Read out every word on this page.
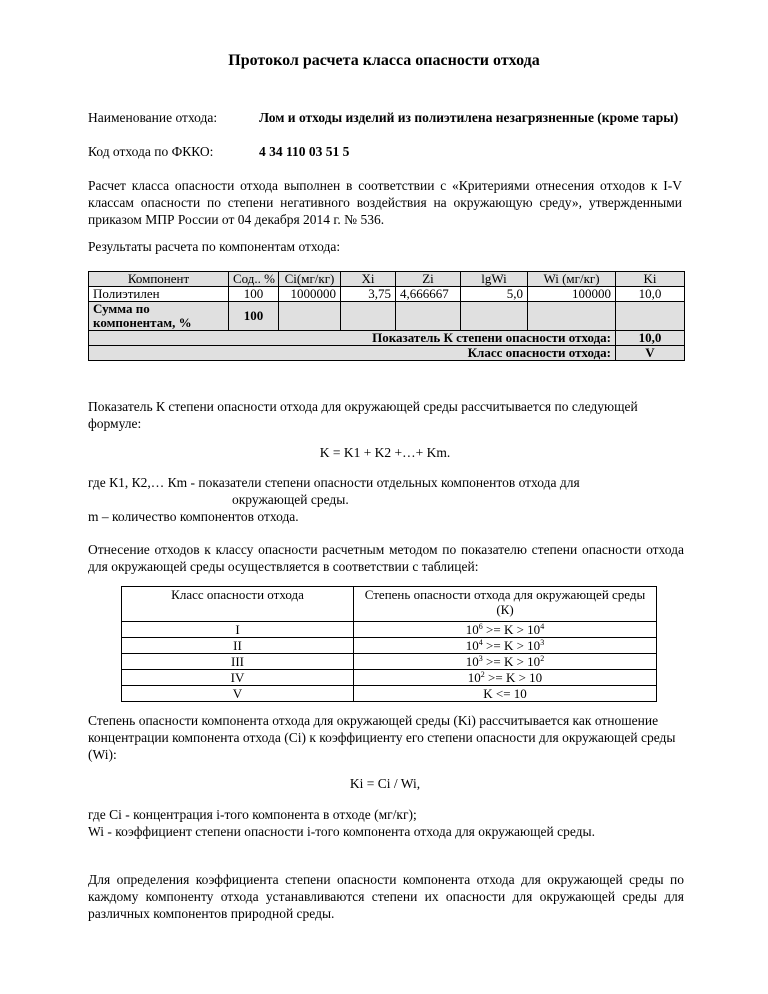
Протокол расчета класса опасности отхода
Наименование отхода:	Лом и отходы изделий из полиэтилена незагрязненные (кроме тары)
Код отхода по ФККО:	4 34 110 03 51 5
Расчет класса опасности отхода выполнен в соответствии с «Критериями отнесения отходов к I-V классам опасности по степени негативного воздействия на окружающую среду», утвержденными приказом МПР России от 04 декабря 2014 г. № 536.
Результаты расчета по компонентам отхода:
Компонент	Сод.. %	Ci(мг/кг)	Xi	Zi	lgWi	Wi (мг/кг)	Ki
Полиэтилен	100	1000000	3,75	4,666667	5,0	100000	10,0
Сумма по компонентам, %	100						
Показатель К степени опасности отхода:							10,0
Класс опасности отхода:							V
Показатель К степени опасности отхода для окружающей среды рассчитывается по следующей формуле:
K = K1 + K2 +…+ Km.
где К1, К2,… Кm - показатели степени опасности отдельных компонентов отхода для
окружающей среды.
m – количество компонентов отхода.
Отнесение отходов к классу опасности расчетным методом по показателю степени опасности отхода для окружающей среды осуществляется в соответствии с таблицей:
Класс опасности отхода	Степень опасности отхода для окружающей среды (К)
I	$10^6 >= K > 10^4$
II	$10^4 >= K > 10^3$
III	$10^3 >= K > 10^2$
IV	$10^2 >= K > 10$
V	K <= 10
Степень опасности компонента отхода для окружающей среды (Ki) рассчитывается как отношение концентрации компонента отхода (Ci) к коэффициенту его степени опасности для окружающей среды (Wi):
Ki = Ci / Wi,
где Ci - концентрация i-того компонента в отходе (мг/кг);
Wi - коэффициент степени опасности i-того компонента отхода для окружающей среды.
Для определения коэффициента степени опасности компонента отхода для окружающей среды по каждому компоненту отхода устанавливаются степени их опасности для окружающей среды для различных компонентов природной среды.
